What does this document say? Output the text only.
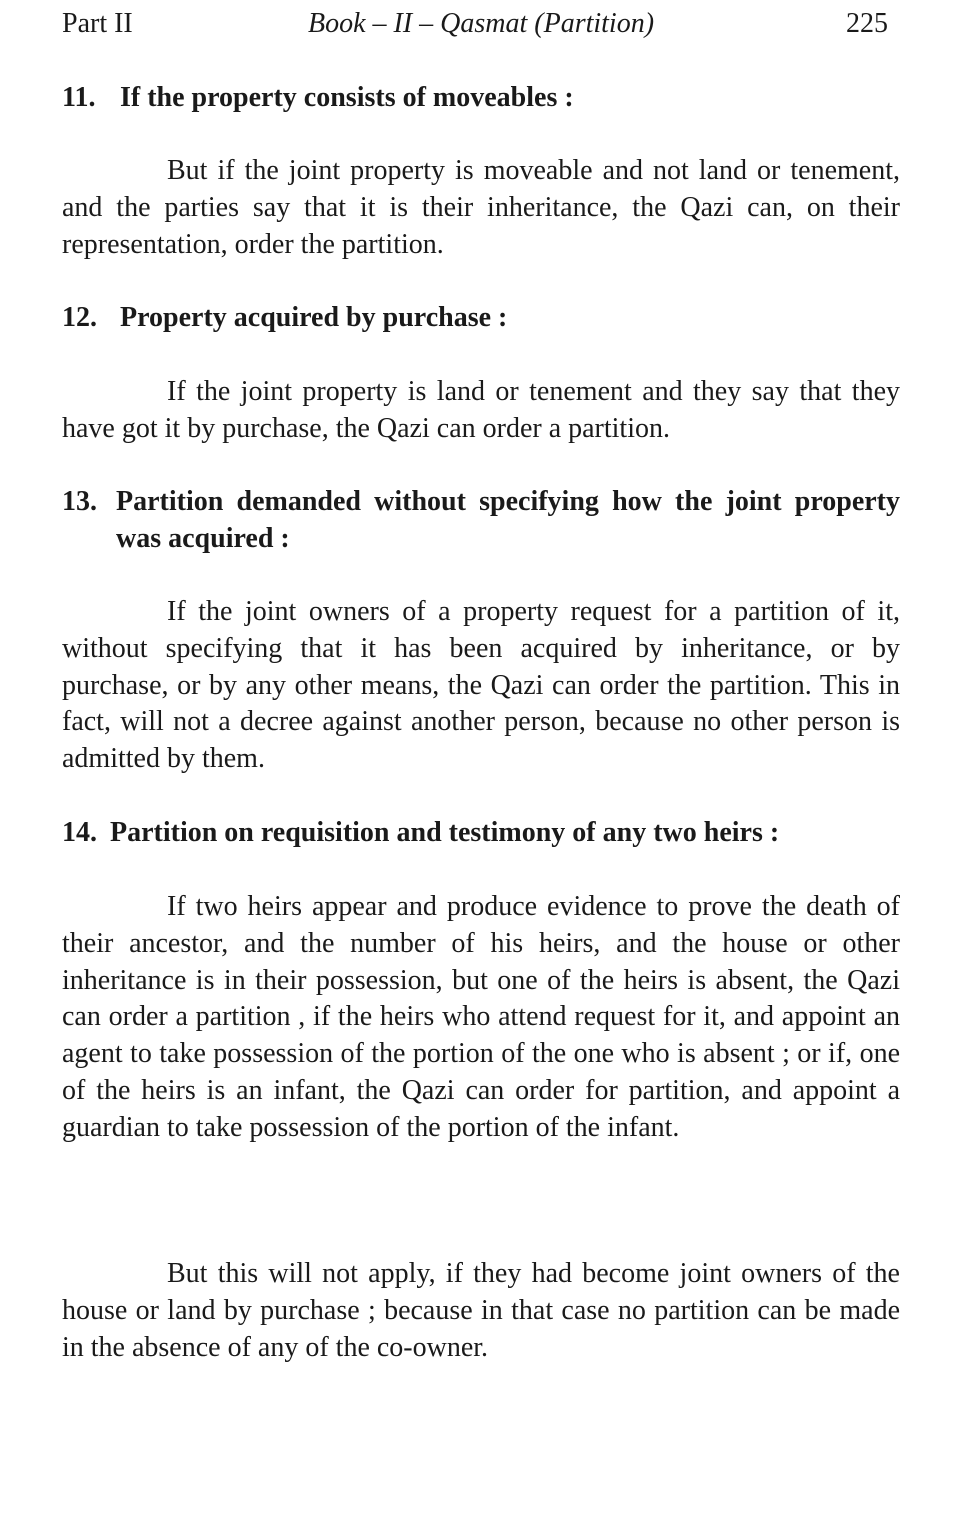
Part II	Book – II – Qasmat (Partition)	225
11. If the property consists of moveables :

But if the joint property is moveable and not land or tenement, and the parties say that it is their inheritance, the Qazi can, on their representation, order the partition.

12. Property acquired by purchase :

If the joint property is land or tenement and they say that they have got it by purchase, the Qazi can order a partition.

13. Partition demanded without specifying how the joint property was acquired :

If the joint owners of a property request for a partition of it, without specifying that it has been acquired by inheritance, or by purchase, or by any other means, the Qazi can order the partition. This in fact, will not a decree against another person, because no other person is admitted by them.

14. Partition on requisition and testimony of any two heirs :

If two heirs appear and produce evidence to prove the death of their ancestor, and the number of his heirs, and the house or other inheritance is in their possession, but one of the heirs is absent, the Qazi can order a partition , if the heirs who attend request for it, and appoint an agent to take possession of the portion of the one who is absent ; or if, one of the heirs is an infant, the Qazi can order for partition, and appoint a guardian to take possession of the portion of the infant.

But this will not apply, if they had become joint owners of the house or land by purchase ; because in that case no partition can be made in the absence of any of the co-owner.
